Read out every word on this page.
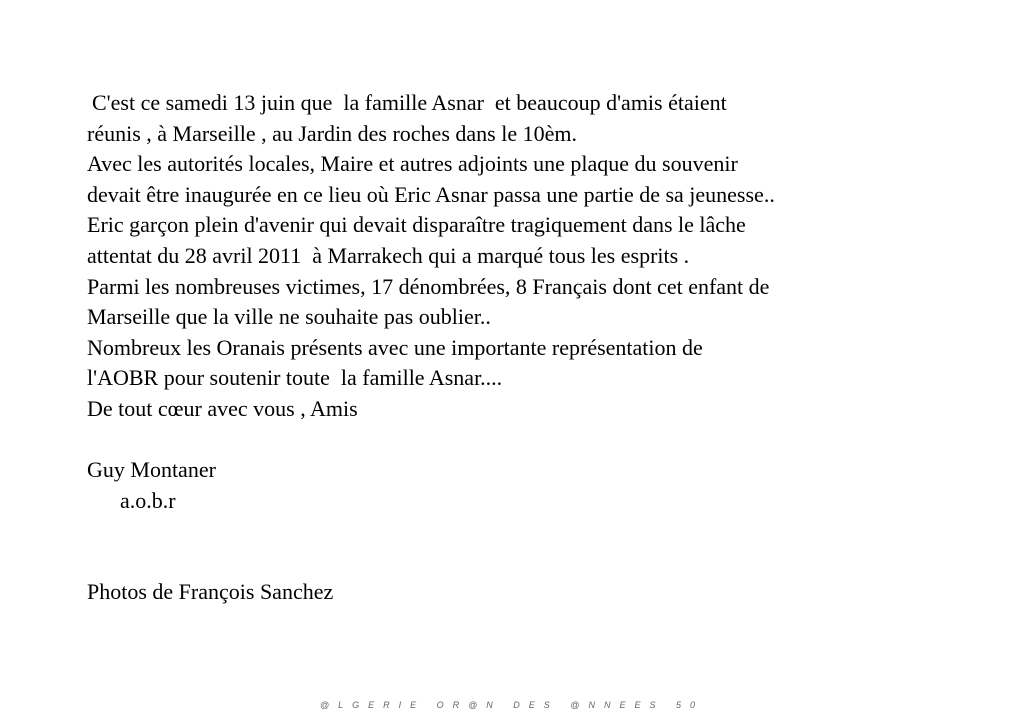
C'est ce samedi 13 juin que  la famille Asnar  et beaucoup d'amis étaient
réunis , à Marseille , au Jardin des roches dans le 10èm.
Avec les autorités locales, Maire et autres adjoints une plaque du souvenir
devait être inaugurée en ce lieu où Eric Asnar passa une partie de sa jeunesse..
Eric garçon plein d'avenir qui devait disparaître tragiquement dans le lâche
attentat du 28 avril 2011  à Marrakech qui a marqué tous les esprits .
Parmi les nombreuses victimes, 17 dénombrées, 8 Français dont cet enfant de
Marseille que la ville ne souhaite pas oublier..
Nombreux les Oranais présents avec une importante représentation de
l'AOBR pour soutenir toute  la famille Asnar....
De tout cœur avec vous , Amis
Guy Montaner
a.o.b.r
Photos de François Sanchez
@LGERIE OR@N DES @NNEES 50
